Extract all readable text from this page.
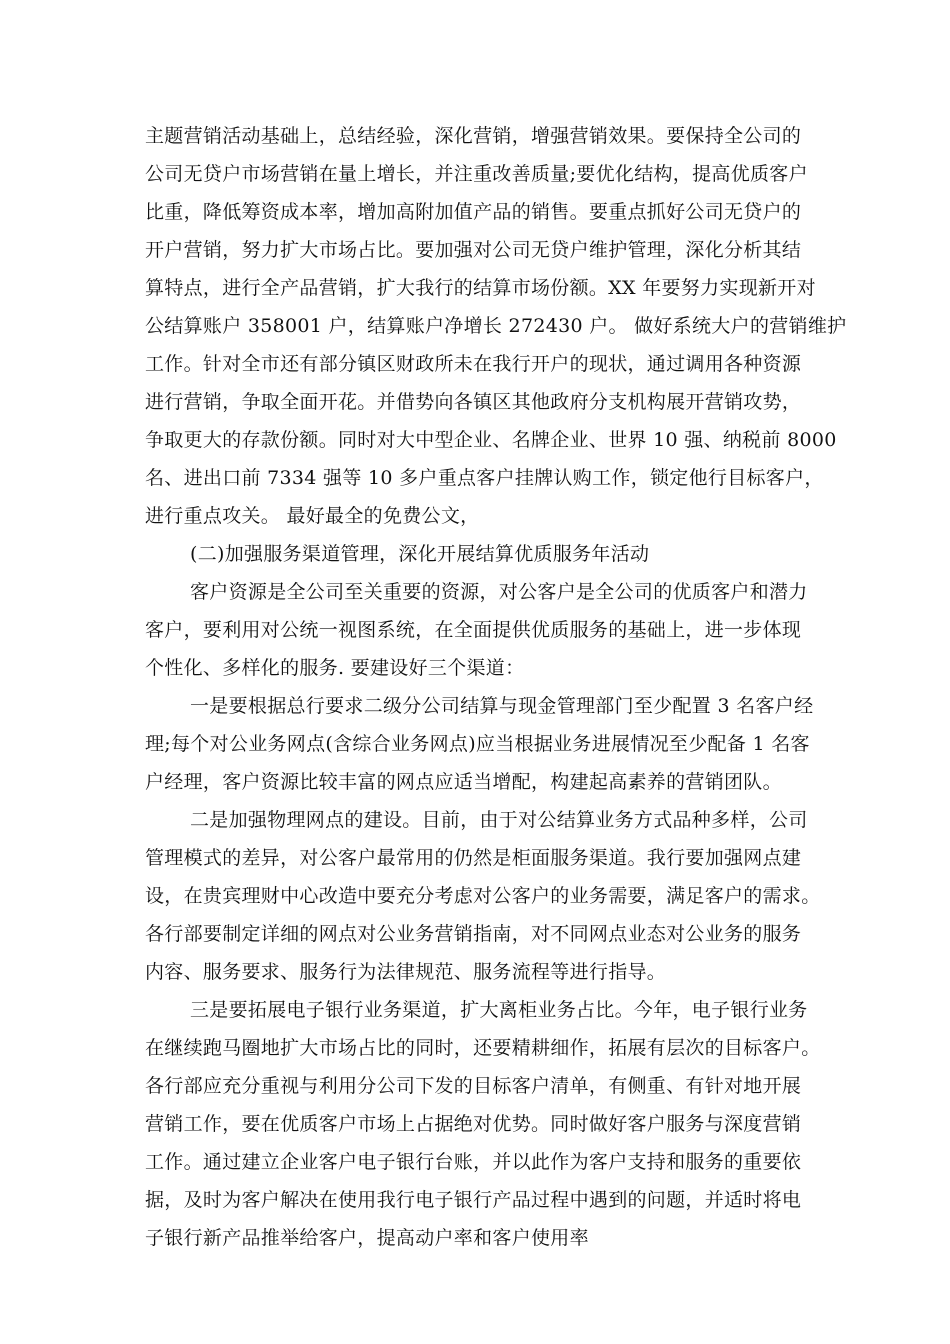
主题营销活动基础上，总结经验，深化营销，增强营销效果。要保持全公司的
公司无贷户市场营销在量上增长，并注重改善质量;要优化结构，提高优质客户
比重，降低筹资成本率，增加高附加值产品的销售。要重点抓好公司无贷户的
开户营销，努力扩大市场占比。要加强对公司无贷户维护管理，深化分析其结
算特点，进行全产品营销，扩大我行的结算市场份额。XX 年要努力实现新开对
公结算账户 358001 户，结算账户净增长 272430 户。 做好系统大户的营销维护
工作。针对全市还有部分镇区财政所未在我行开户的现状，通过调用各种资源
进行营销，争取全面开花。并借势向各镇区其他政府分支机构展开营销攻势，
争取更大的存款份额。同时对大中型企业、名牌企业、世界 10 强、纳税前 8000
名、进出口前 7334 强等 10 多户重点客户挂牌认购工作，锁定他行目标客户，
进行重点攻关。 最好最全的免费公文，
(二)加强服务渠道管理，深化开展结算优质服务年活动
客户资源是全公司至关重要的资源，对公客户是全公司的优质客户和潜力
客户，要利用对公统一视图系统，在全面提供优质服务的基础上，进一步体现
个性化、多样化的服务. 要建设好三个渠道：
一是要根据总行要求二级分公司结算与现金管理部门至少配置 3 名客户经
理;每个对公业务网点(含综合业务网点)应当根据业务进展情况至少配备 1 名客
户经理，客户资源比较丰富的网点应适当增配，构建起高素养的营销团队。
二是加强物理网点的建设。目前，由于对公结算业务方式品种多样，公司
管理模式的差异，对公客户最常用的仍然是柜面服务渠道。我行要加强网点建
设，在贵宾理财中心改造中要充分考虑对公客户的业务需要，满足客户的需求。
各行部要制定详细的网点对公业务营销指南，对不同网点业态对公业务的服务
内容、服务要求、服务行为法律规范、服务流程等进行指导。
三是要拓展电子银行业务渠道，扩大离柜业务占比。今年，电子银行业务
在继续跑马圈地扩大市场占比的同时，还要精耕细作，拓展有层次的目标客户。
各行部应充分重视与利用分公司下发的目标客户清单，有侧重、有针对地开展
营销工作，要在优质客户市场上占据绝对优势。同时做好客户服务与深度营销
工作。通过建立企业客户电子银行台账，并以此作为客户支持和服务的重要依
据，及时为客户解决在使用我行电子银行产品过程中遇到的问题，并适时将电
子银行新产品推举给客户，提高动户率和客户使用率
